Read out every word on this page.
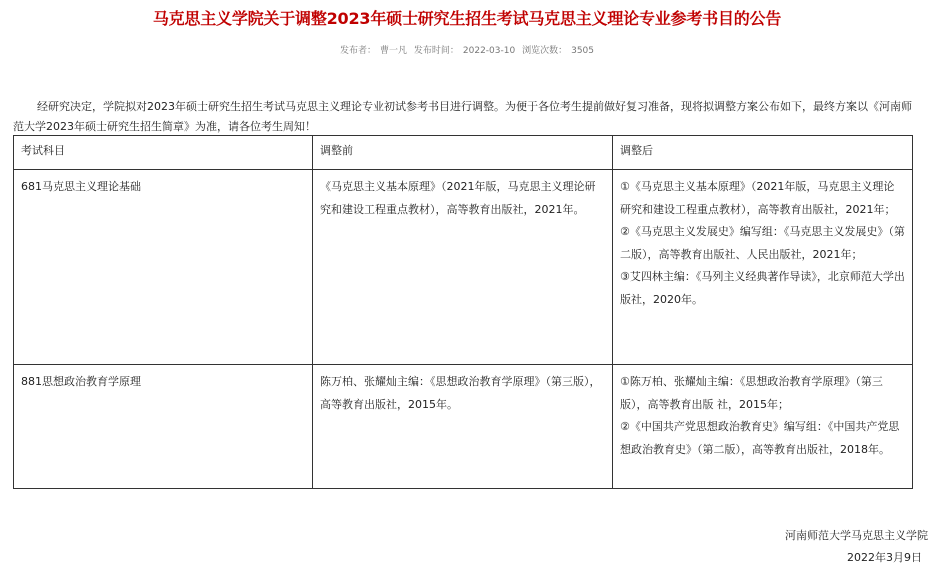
马克思主义学院关于调整2023年硕士研究生招生考试马克思主义理论专业参考书目的公告
发布者： 曹一凡 发布时间： 2022-03-10 浏览次数： 3505

经研究决定，学院拟对2023年硕士研究生招生考试马克思主义理论专业初试参考书目进行调整。为便于各位考生提前做好复习准备，现将拟调整方案公布如下，最终方案以《河南师范大学2023年硕士研究生招生简章》为准，请各位考生周知！

考试科目	调整前	调整后
681马克思主义理论基础	《马克思主义基本原理》（2021年版，马克思主义理论研究和建设工程重点教材），高等教育出版社，2021年。	①《马克思主义基本原理》（2021年版，马克思主义理论研究和建设工程重点教材），高等教育出版社，2021年；

②《马克思主义发展史》编写组：《马克思主义发展史》（第二版），高等教育出版社、人民出版社，2021年；

③艾四林主编：《马列主义经典著作导读》，北京师范大学出版社，2020年。

881思想政治教育学原理	陈万柏、张耀灿主编：《思想政治教育学原理》（第三版），高等教育出版社，2015年。	①陈万柏、张耀灿主编：《思想政治教育学原理》（第三版），高等教育出版 社，2015年；

②《中国共产党思想政治教育史》编写组：《中国共产党思想政治教育史》（第二版），高等教育出版社，2018年。

河南师范大学马克思主义学院
2022年3月9日
